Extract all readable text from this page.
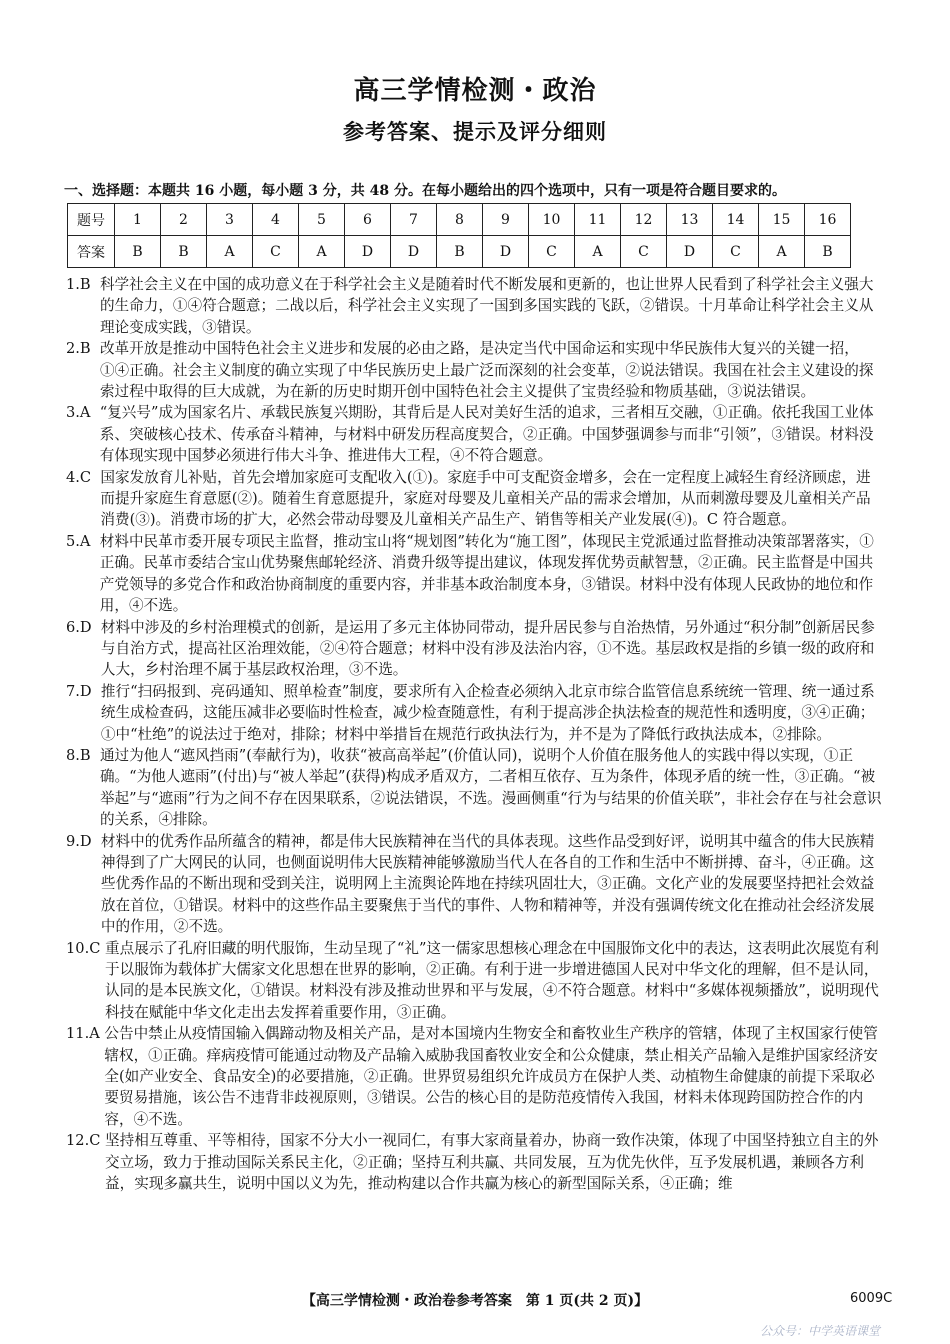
高三学情检测・政治
参考答案、提示及评分细则
一、选择题：本题共 16 小题，每小题 3 分，共 48 分。在每小题给出的四个选项中，只有一项是符合题目要求的。
题号	1	2	3	4	5	6	7	8	9	10	11	12	13	14	15	16
答案	B	B	A	C	A	D	D	B	D	C	A	C	D	C	A	B
1.B
科学社会主义在中国的成功意义在于科学社会主义是随着时代不断发展和更新的，也让世界人民看到了科学社会主义强大的生命力，①④符合题意；二战以后，科学社会主义实现了一国到多国实践的飞跃，②错误。十月革命让科学社会主义从理论变成实践，③错误。
2.B
改革开放是推动中国特色社会主义进步和发展的必由之路，是决定当代中国命运和实现中华民族伟大复兴的关键一招，①④正确。社会主义制度的确立实现了中华民族历史上最广泛而深刻的社会变革，②说法错误。我国在社会主义建设的探索过程中取得的巨大成就，为在新的历史时期开创中国特色社会主义提供了宝贵经验和物质基础，③说法错误。
3.A
“复兴号”成为国家名片、承载民族复兴期盼，其背后是人民对美好生活的追求，三者相互交融，①正确。依托我国工业体系、突破核心技术、传承奋斗精神，与材料中研发历程高度契合，②正确。中国梦强调参与而非“引领”，③错误。材料没有体现实现中国梦必须进行伟大斗争、推进伟大工程，④不符合题意。
4.C
国家发放育儿补贴，首先会增加家庭可支配收入(①)。家庭手中可支配资金增多，会在一定程度上减轻生育经济顾虑，进而提升家庭生育意愿(②)。随着生育意愿提升，家庭对母婴及儿童相关产品的需求会增加，从而刺激母婴及儿童相关产品消费(③)。消费市场的扩大，必然会带动母婴及儿童相关产品生产、销售等相关产业发展(④)。C 符合题意。
5.A
材料中民革市委开展专项民主监督，推动宝山将“规划图”转化为“施工图”，体现民主党派通过监督推动决策部署落实，①正确。民革市委结合宝山优势聚焦邮轮经济、消费升级等提出建议，体现发挥优势贡献智慧，②正确。民主监督是中国共产党领导的多党合作和政治协商制度的重要内容，并非基本政治制度本身，③错误。材料中没有体现人民政协的地位和作用，④不选。
6.D
材料中涉及的乡村治理模式的创新，是运用了多元主体协同带动，提升居民参与自治热情，另外通过“积分制”创新居民参与自治方式，提高社区治理效能，②④符合题意；材料中没有涉及法治内容，①不选。基层政权是指的乡镇一级的政府和人大，乡村治理不属于基层政权治理，③不选。
7.D
推行“扫码报到、亮码通知、照单检查”制度，要求所有入企检查必须纳入北京市综合监管信息系统统一管理、统一通过系统生成检查码，这能压减非必要临时性检查，减少检查随意性，有利于提高涉企执法检查的规范性和透明度，③④正确；①中“杜绝”的说法过于绝对，排除；材料中举措旨在规范行政执法行为，并不是为了降低行政执法成本，②排除。
8.B
通过为他人“遮风挡雨”(奉献行为)，收获“被高高举起”(价值认同)，说明个人价值在服务他人的实践中得以实现，①正确。“为他人遮雨”(付出)与“被人举起”(获得)构成矛盾双方，二者相互依存、互为条件，体现矛盾的统一性，③正确。“被举起”与“遮雨”行为之间不存在因果联系，②说法错误，不选。漫画侧重“行为与结果的价值关联”，非社会存在与社会意识的关系，④排除。
9.D
材料中的优秀作品所蕴含的精神，都是伟大民族精神在当代的具体表现。这些作品受到好评，说明其中蕴含的伟大民族精神得到了广大网民的认同，也侧面说明伟大民族精神能够激励当代人在各自的工作和生活中不断拼搏、奋斗，④正确。这些优秀作品的不断出现和受到关注，说明网上主流舆论阵地在持续巩固壮大，③正确。文化产业的发展要坚持把社会效益放在首位，①错误。材料中的这些作品主要聚焦于当代的事件、人物和精神等，并没有强调传统文化在推动社会经济发展中的作用，②不选。
10.C
重点展示了孔府旧藏的明代服饰，生动呈现了“礼”这一儒家思想核心理念在中国服饰文化中的表达，这表明此次展览有利于以服饰为载体扩大儒家文化思想在世界的影响，②正确。有利于进一步增进德国人民对中华文化的理解，但不是认同，认同的是本民族文化，①错误。材料没有涉及推动世界和平与发展，④不符合题意。材料中“多媒体视频播放”，说明现代科技在赋能中华文化走出去发挥着重要作用，③正确。
11.A
公告中禁止从疫情国输入偶蹄动物及相关产品，是对本国境内生物安全和畜牧业生产秩序的管辖，体现了主权国家行使管辖权，①正确。痒病疫情可能通过动物及产品输入威胁我国畜牧业安全和公众健康，禁止相关产品输入是维护国家经济安全(如产业安全、食品安全)的必要措施，②正确。世界贸易组织允许成员方在保护人类、动植物生命健康的前提下采取必要贸易措施，该公告不违背非歧视原则，③错误。公告的核心目的是防范疫情传入我国，材料未体现跨国防控合作的内容，④不选。
12.C
坚持相互尊重、平等相待，国家不分大小一视同仁，有事大家商量着办，协商一致作决策，体现了中国坚持独立自主的外交立场，致力于推动国际关系民主化，②正确；坚持互利共赢、共同发展，互为优先伙伴，互予发展机遇，兼顾各方利益，实现多赢共生，说明中国以义为先，推动构建以合作共赢为核心的新型国际关系，④正确；维
【高三学情检测・政治卷参考答案　第 1 页(共 2 页)】	6009C
公众号：中学英语课堂
